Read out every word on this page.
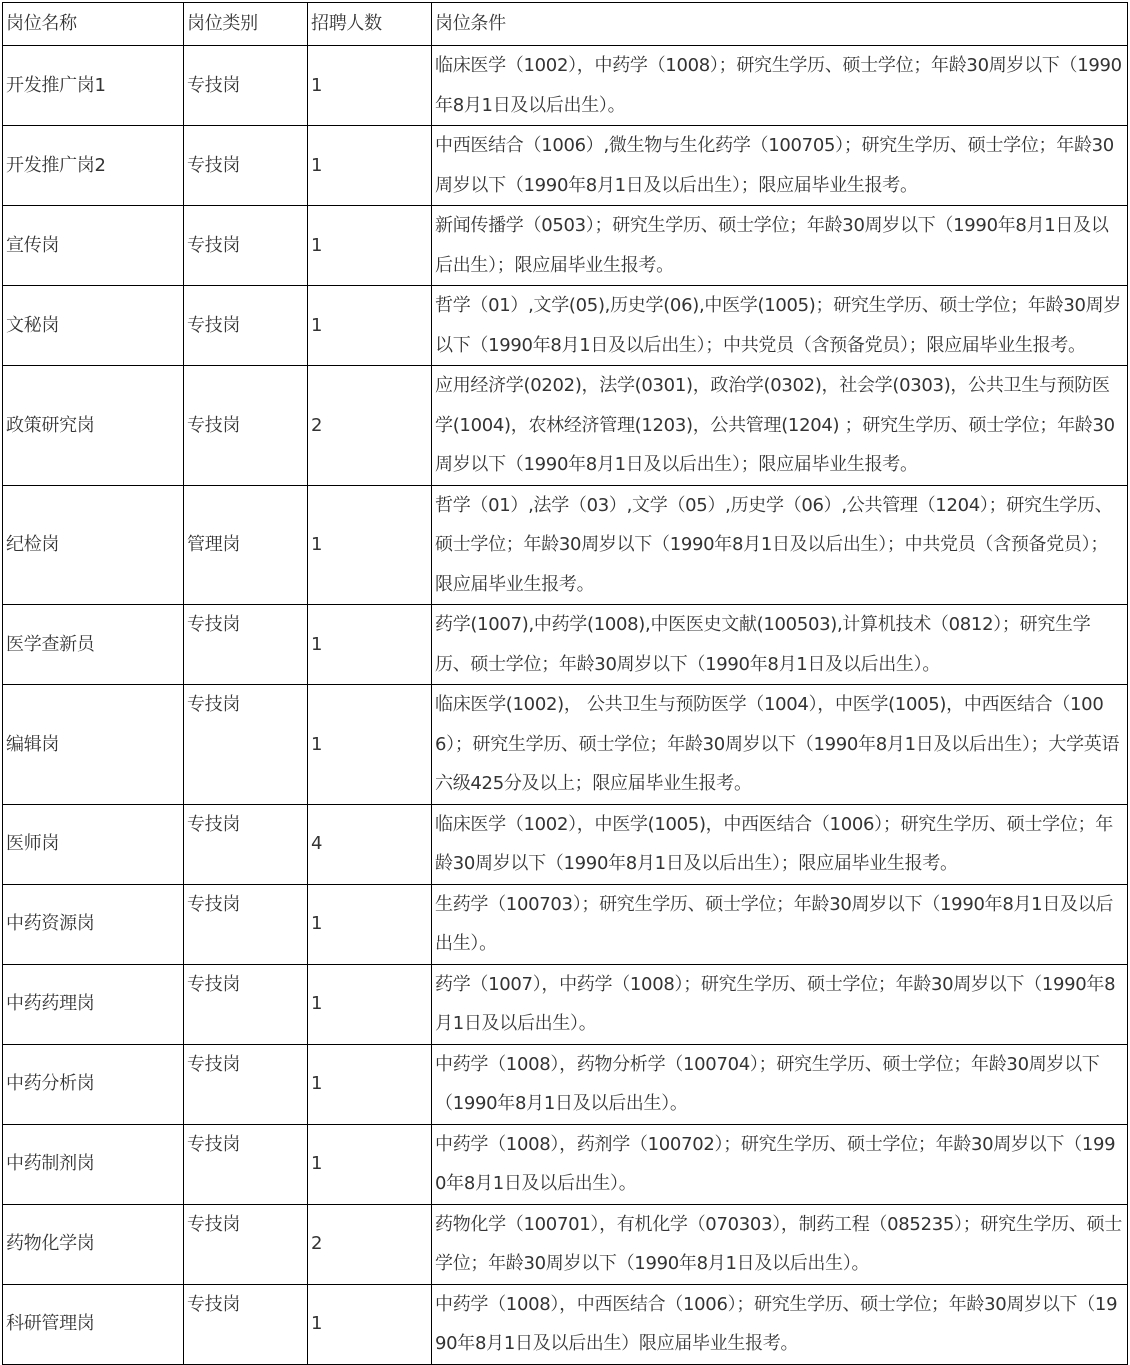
岗位名称	岗位类别	招聘人数	岗位条件
开发推广岗1	专技岗	1	临床医学（1002），中药学（1008）；研究生学历、硕士学位；年龄30周岁以下（1990年8月1日及以后出生）。
开发推广岗2	专技岗	1	中西医结合（1006）,微生物与生化药学（100705）；研究生学历、硕士学位；年龄30周岁以下（1990年8月1日及以后出生）；限应届毕业生报考。
宣传岗	专技岗	1	新闻传播学（0503）；研究生学历、硕士学位；年龄30周岁以下（1990年8月1日及以后出生）；限应届毕业生报考。
文秘岗	专技岗	1	哲学（01）,文学(05),历史学(06),中医学(1005)；研究生学历、硕士学位；年龄30周岁以下（1990年8月1日及以后出生）；中共党员（含预备党员）；限应届毕业生报考。
政策研究岗	专技岗	2	应用经济学(0202)，法学(0301)，政治学(0302)，社会学(0303)，公共卫生与预防医学(1004)，农林经济管理(1203)，公共管理(1204) ；研究生学历、硕士学位；年龄30周岁以下（1990年8月1日及以后出生）；限应届毕业生报考。
纪检岗	管理岗	1	哲学（01）,法学（03）,文学（05）,历史学（06）,公共管理（1204）；研究生学历、硕士学位；年龄30周岁以下（1990年8月1日及以后出生）；中共党员（含预备党员）；限应届毕业生报考。
医学查新员	专技岗	1	药学(1007),中药学(1008),中医医史文献(100503),计算机技术（0812）；研究生学历、硕士学位；年龄30周岁以下（1990年8月1日及以后出生）。
编辑岗	专技岗	1	临床医学(1002)， 公共卫生与预防医学（1004），中医学(1005)，中西医结合（1006）；研究生学历、硕士学位；年龄30周岁以下（1990年8月1日及以后出生）；大学英语六级425分及以上；限应届毕业生报考。
医师岗	专技岗	4	临床医学（1002），中医学(1005)，中西医结合（1006）；研究生学历、硕士学位；年龄30周岁以下（1990年8月1日及以后出生）；限应届毕业生报考。
中药资源岗	专技岗	1	生药学（100703）；研究生学历、硕士学位；年龄30周岁以下（1990年8月1日及以后出生）。
中药药理岗	专技岗	1	药学（1007），中药学（1008）；研究生学历、硕士学位；年龄30周岁以下（1990年8月1日及以后出生）。
中药分析岗	专技岗	1	中药学（1008），药物分析学（100704）；研究生学历、硕士学位；年龄30周岁以下（1990年8月1日及以后出生）。
中药制剂岗	专技岗	1	中药学（1008），药剂学（100702）；研究生学历、硕士学位；年龄30周岁以下（1990年8月1日及以后出生）。
药物化学岗	专技岗	2	药物化学（100701），有机化学（070303），制药工程（085235）；研究生学历、硕士学位；年龄30周岁以下（1990年8月1日及以后出生）。
科研管理岗	专技岗	1	中药学（1008），中西医结合（1006）；研究生学历、硕士学位；年龄30周岁以下（1990年8月1日及以后出生）限应届毕业生报考。
